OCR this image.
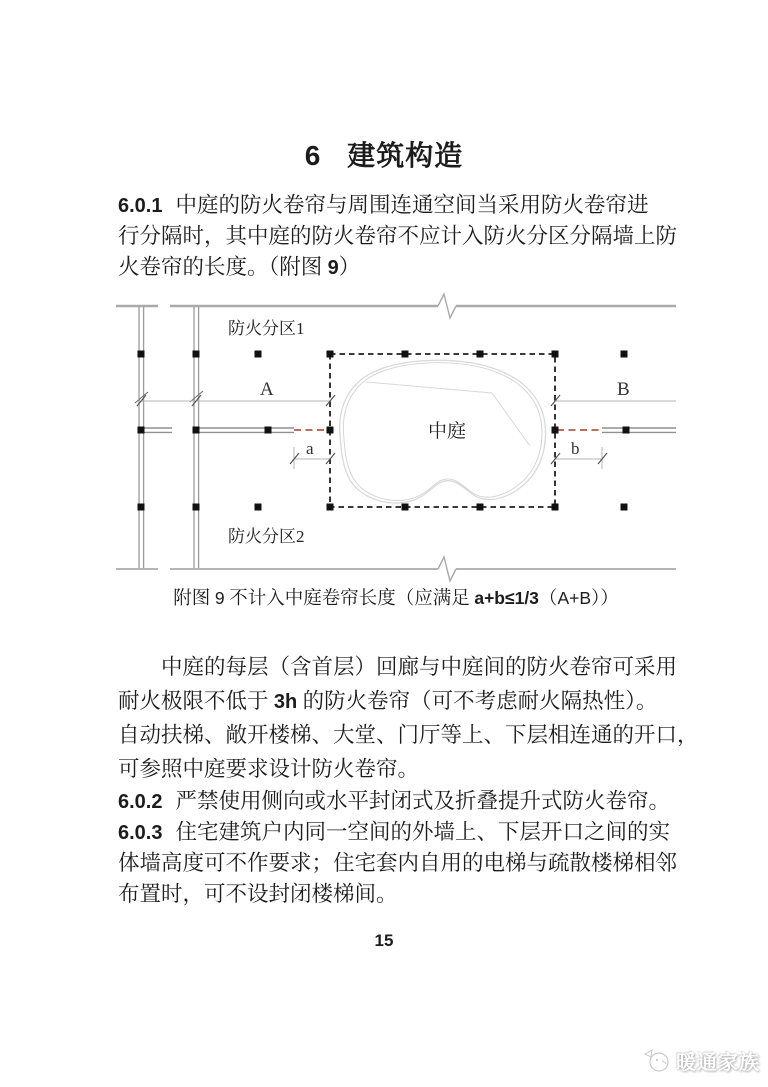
6 建筑构造
6.0.1 中庭的防火卷帘与周围连通空间当采用防火卷帘进
行分隔时，其中庭的防火卷帘不应计入防火分区分隔墙上防
火卷帘的长度。（附图 9）
A	B
a	b
防火分区1
防火分区2
中庭
附图 9 不计入中庭卷帘长度（应满足 a+b≤1/3（A+B））
中庭的每层（含首层）回廊与中庭间的防火卷帘可采用
耐火极限不低于 3h 的防火卷帘（可不考虑耐火隔热性）。
自动扶梯、敞开楼梯、大堂、门厅等上、下层相连通的开口，
可参照中庭要求设计防火卷帘。
6.0.2 严禁使用侧向或水平封闭式及折叠提升式防火卷帘。
6.0.3 住宅建筑户内同一空间的外墙上、下层开口之间的实
体墙高度可不作要求；住宅套内自用的电梯与疏散楼梯相邻
布置时，可不设封闭楼梯间。
15
暖通家族
